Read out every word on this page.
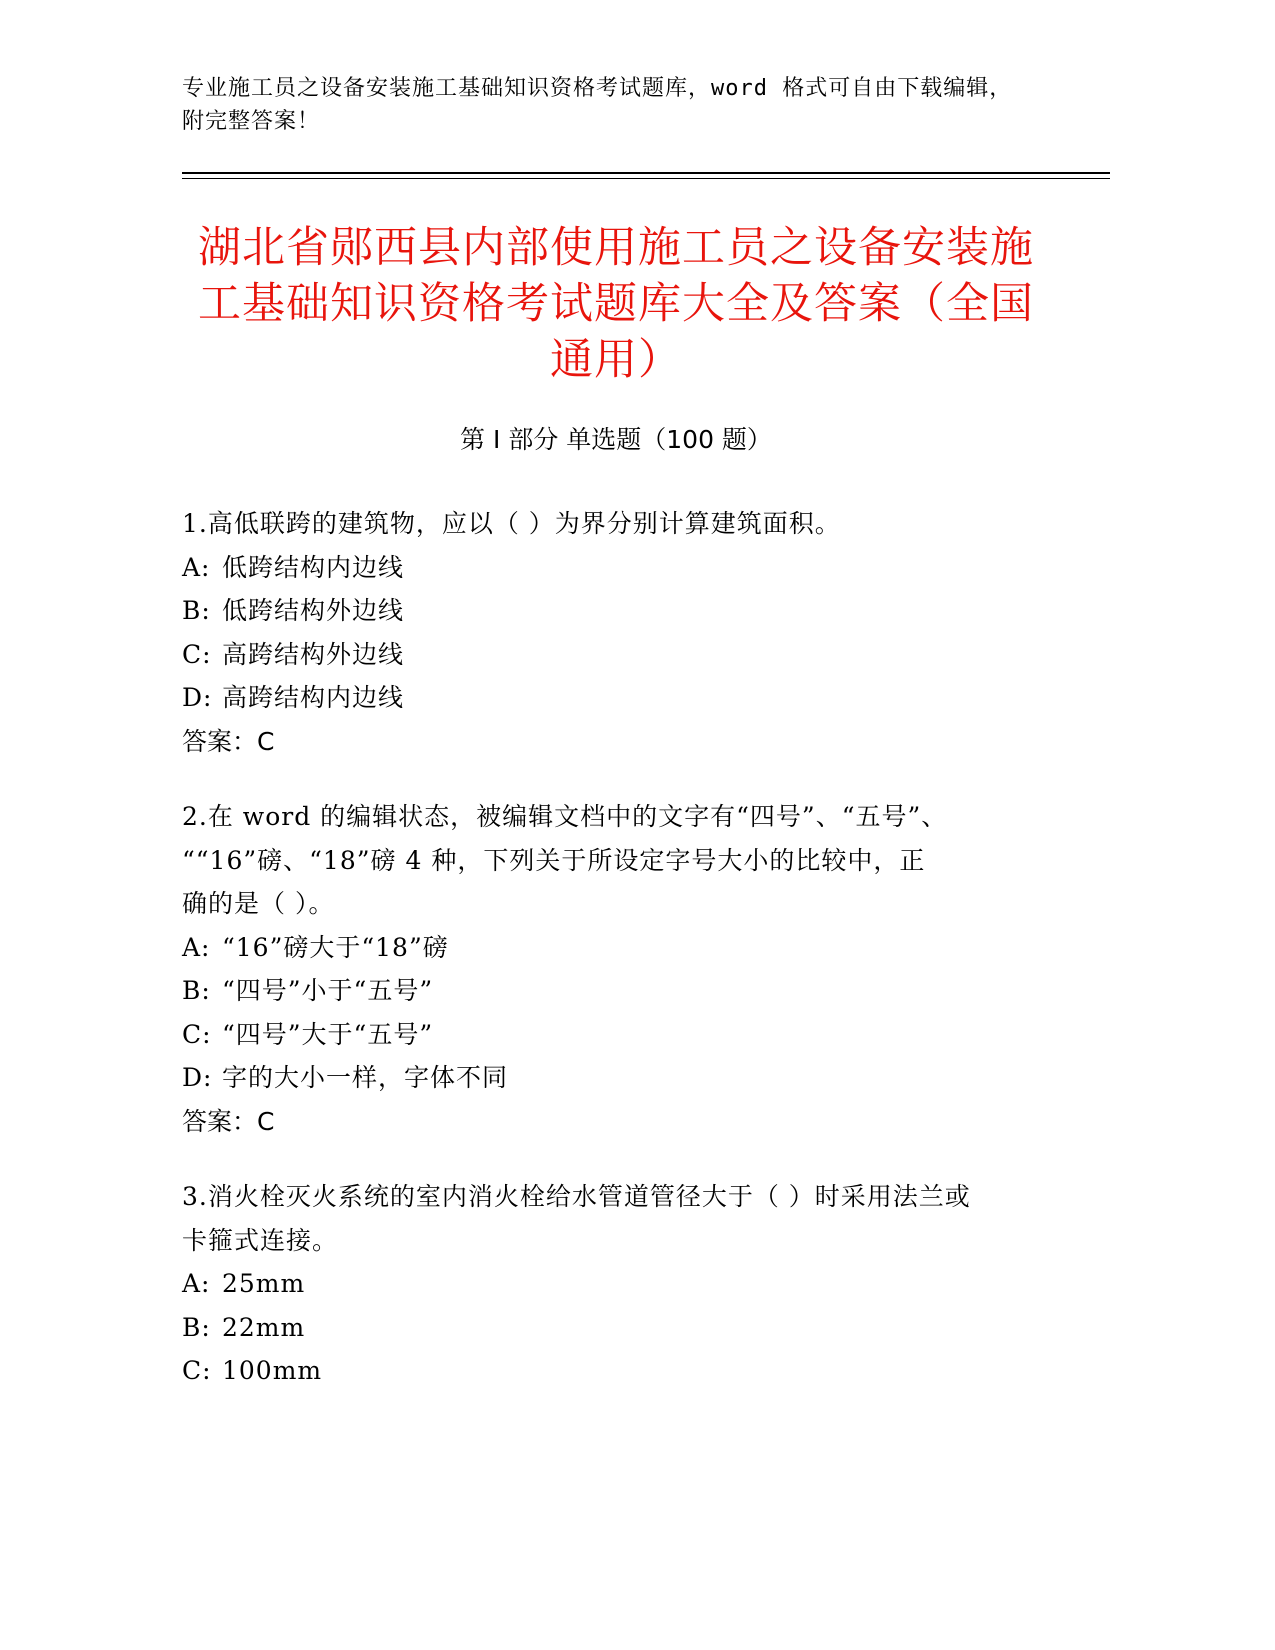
专业施工员之设备安装施工基础知识资格考试题库，word 格式可自由下载编辑，
附完整答案！
湖北省郧西县内部使用施工员之设备安装施
工基础知识资格考试题库大全及答案（全国
通用）
第 I 部分 单选题（100 题）
1.高低联跨的建筑物，应以（ ）为界分别计算建筑面积。
A: 低跨结构内边线
B: 低跨结构外边线
C: 高跨结构外边线
D: 高跨结构内边线
答案：C
2.在 word 的编辑状态，被编辑文档中的文字有“四号”、“五号”、
““16”磅、“18”磅 4 种，下列关于所设定字号大小的比较中，正
确的是（ ）。
A: “16”磅大于“18”磅
B: “四号”小于“五号”
C: “四号”大于“五号”
D: 字的大小一样，字体不同
答案：C
3.消火栓灭火系统的室内消火栓给水管道管径大于（ ）时采用法兰或
卡箍式连接。
A: 25mm
B: 22mm
C: 100mm
